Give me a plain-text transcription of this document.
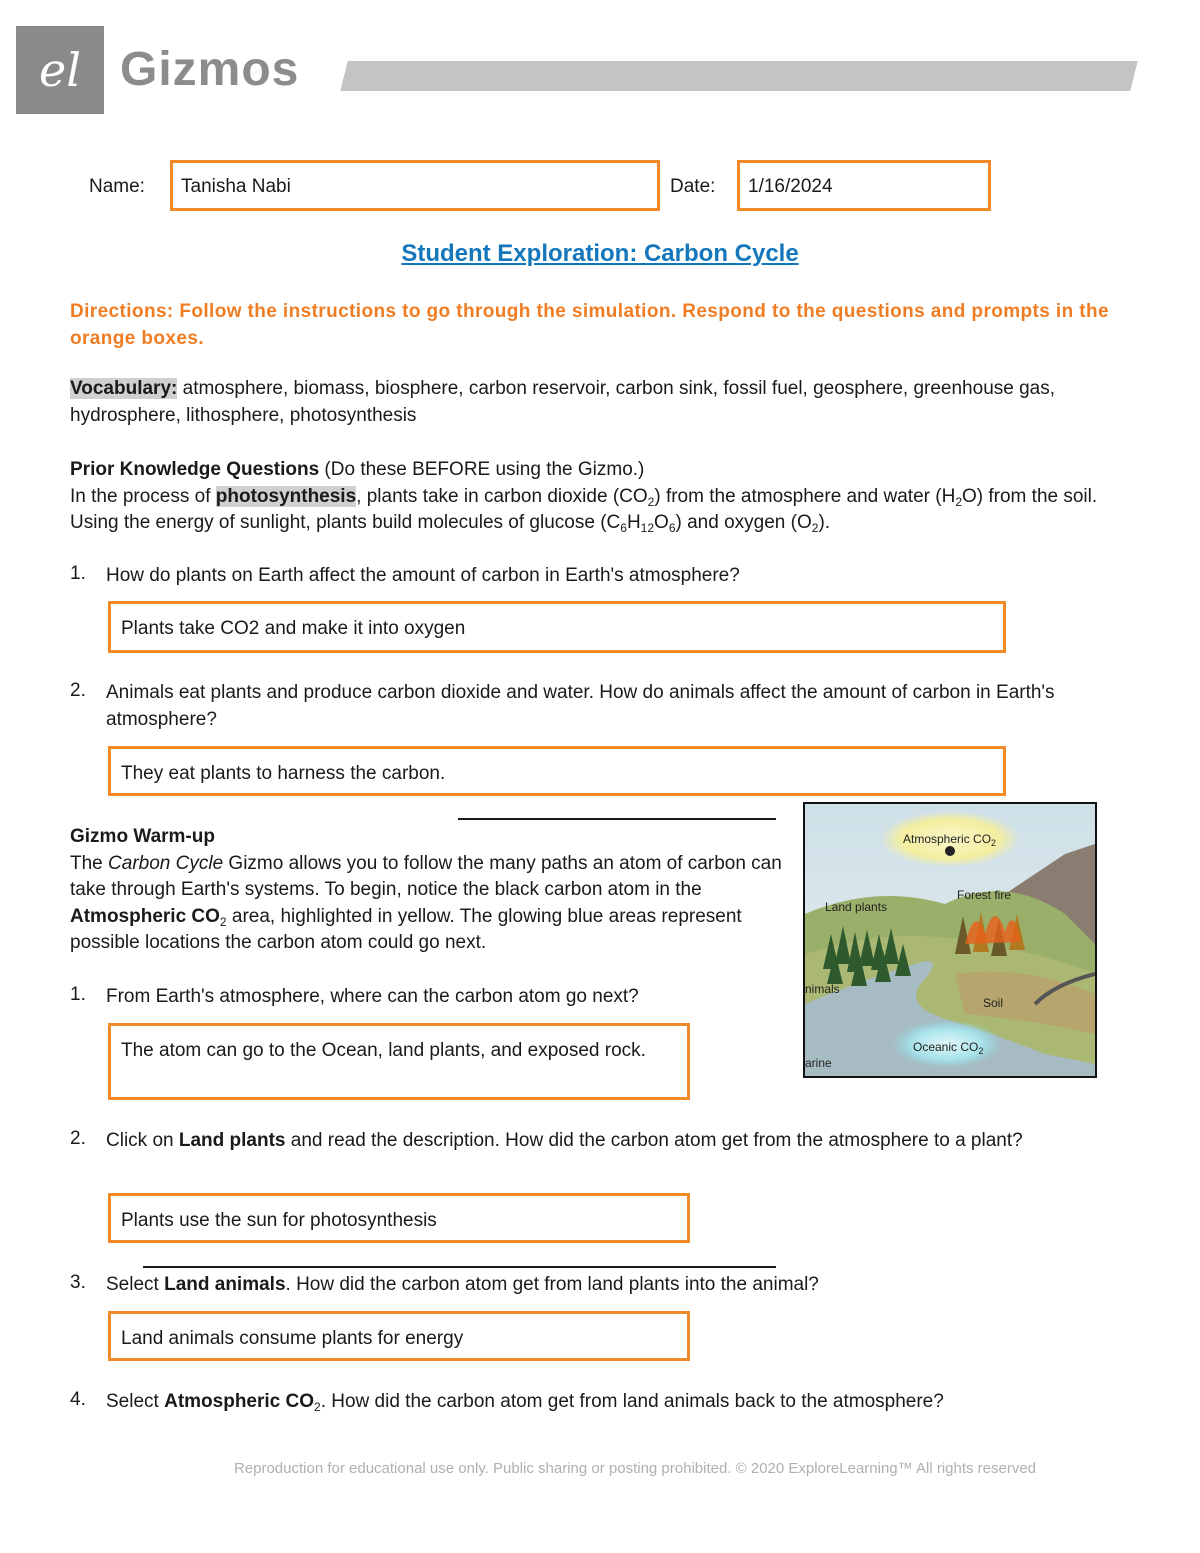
el Gizmos
Name:	Tanisha Nabi	Date:	1/16/2024
Student Exploration: Carbon Cycle
Directions: Follow the instructions to go through the simulation. Respond to the questions and prompts in the orange boxes.
Vocabulary: atmosphere, biomass, biosphere, carbon reservoir, carbon sink, fossil fuel, geosphere, greenhouse gas, hydrosphere, lithosphere, photosynthesis
Prior Knowledge Questions (Do these BEFORE using the Gizmo.)
In the process of photosynthesis, plants take in carbon dioxide $(CO_2)$ from the atmosphere and water $(H_2O)$ from the soil. Using the energy of sunlight, plants build molecules of glucose $(C_6H_{12}O_6)$ and oxygen $(O_2)$.
1. How do plants on Earth affect the amount of carbon in Earth's atmosphere?
Plants take CO2 and make it into oxygen
2. Animals eat plants and produce carbon dioxide and water. How do animals affect the amount of carbon in Earth's atmosphere?
They eat plants to harness the carbon.
Gizmo Warm-up
The Carbon Cycle Gizmo allows you to follow the many paths an atom of carbon can take through Earth's systems. To begin, notice the black carbon atom in the Atmospheric $CO_2$ area, highlighted in yellow. The glowing blue areas represent possible locations the carbon atom could go next.
1. From Earth's atmosphere, where can the carbon atom go next?
The atom can go to the Ocean, land plants, and exposed rock.
2. Click on Land plants and read the description. How did the carbon atom get from the atmosphere to a plant?
Plants use the sun for photosynthesis
3. Select Land animals. How did the carbon atom get from land plants into the animal?
Land animals consume plants for energy
4. Select Atmospheric $CO_2$. How did the carbon atom get from land animals back to the atmosphere?
Atmospheric $CO_2$
Forest fire
Land plants
nimals
Soil
Oceanic $CO_2$
arine
Reproduction for educational use only. Public sharing or posting prohibited. © 2020 ExploreLearning™ All rights reserved
